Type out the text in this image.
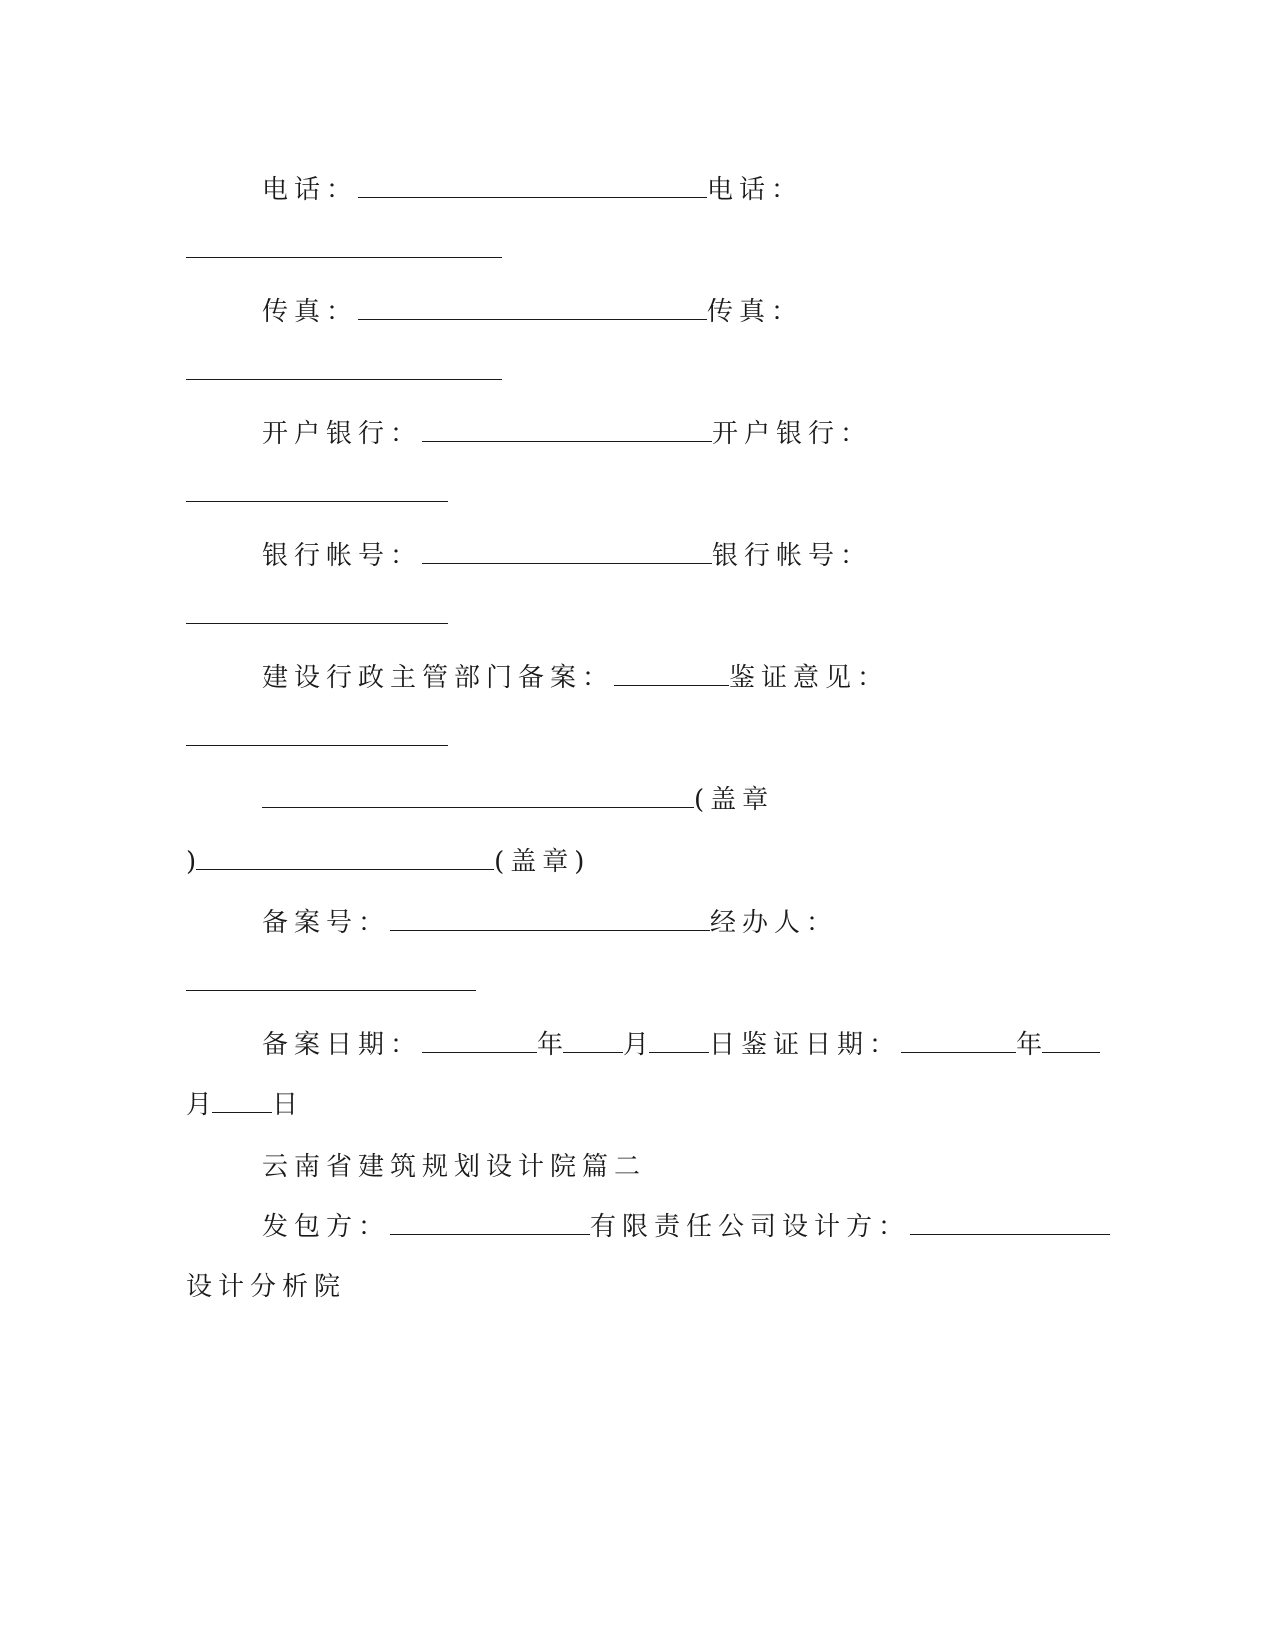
电话：	电话：
传真：	传真：
开户银行：	开户银行：
银行帐号：	银行帐号：
建设行政主管部门备案：	鉴证意见：
(盖章
)	(盖章)
备案号：	经办人：
备案日期：	年 月 日鉴证日期：	年
月 日
云南省建筑规划设计院篇二
发包方：	有限责任公司设计方：
设计分析院
